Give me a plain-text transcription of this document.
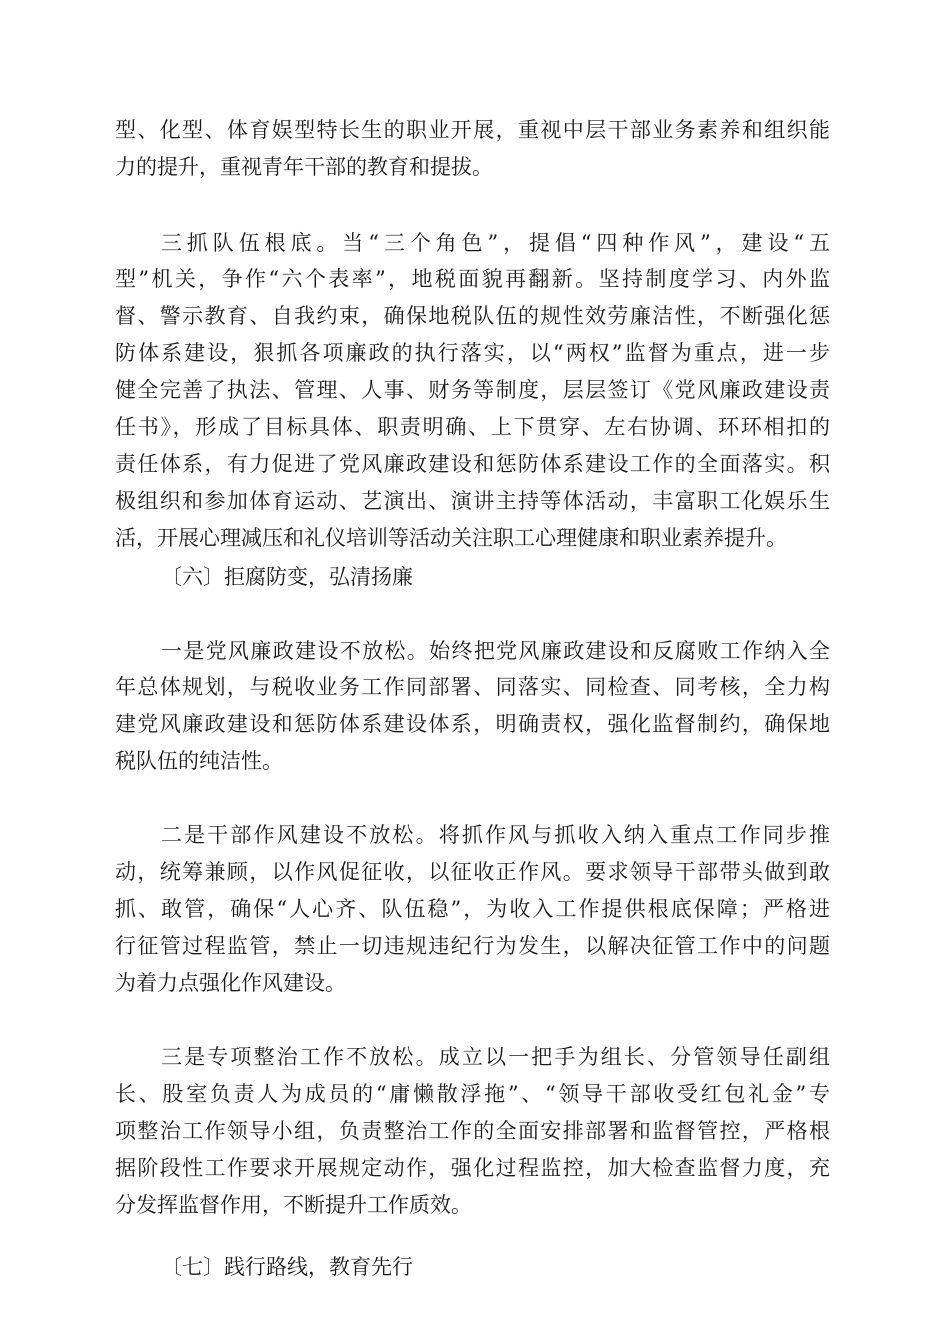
型、化型、体育娱型特长生的职业开展，重视中层干部业务素养和组织能
力的提升，重视青年干部的教育和提拔。
三抓队伍根底。当“三个角色”，提倡“四种作风”，建设“五
型”机关，争作“六个表率”，地税面貌再翻新。坚持制度学习、内外监
督、警示教育、自我约束，确保地税队伍的规性效劳廉洁性，不断强化惩
防体系建设，狠抓各项廉政的执行落实，以“两权”监督为重点，进一步
健全完善了执法、管理、人事、财务等制度，层层签订《党风廉政建设责
任书》，形成了目标具体、职责明确、上下贯穿、左右协调、环环相扣的
责任体系，有力促进了党风廉政建设和惩防体系建设工作的全面落实。积
极组织和参加体育运动、艺演出、演讲主持等体活动，丰富职工化娱乐生
活，开展心理减压和礼仪培训等活动关注职工心理健康和职业素养提升。
〔六〕拒腐防变，弘清扬廉
一是党风廉政建设不放松。始终把党风廉政建设和反腐败工作纳入全
年总体规划，与税收业务工作同部署、同落实、同检查、同考核，全力构
建党风廉政建设和惩防体系建设体系，明确责权，强化监督制约，确保地
税队伍的纯洁性。
二是干部作风建设不放松。将抓作风与抓收入纳入重点工作同步推
动，统筹兼顾，以作风促征收，以征收正作风。要求领导干部带头做到敢
抓、敢管，确保“人心齐、队伍稳”，为收入工作提供根底保障；严格进
行征管过程监管，禁止一切违规违纪行为发生，以解决征管工作中的问题
为着力点强化作风建设。
三是专项整治工作不放松。成立以一把手为组长、分管领导任副组
长、股室负责人为成员的“庸懒散浮拖”、“领导干部收受红包礼金”专
项整治工作领导小组，负责整治工作的全面安排部署和监督管控，严格根
据阶段性工作要求开展规定动作，强化过程监控，加大检查监督力度，充
分发挥监督作用，不断提升工作质效。
〔七〕践行路线，教育先行
